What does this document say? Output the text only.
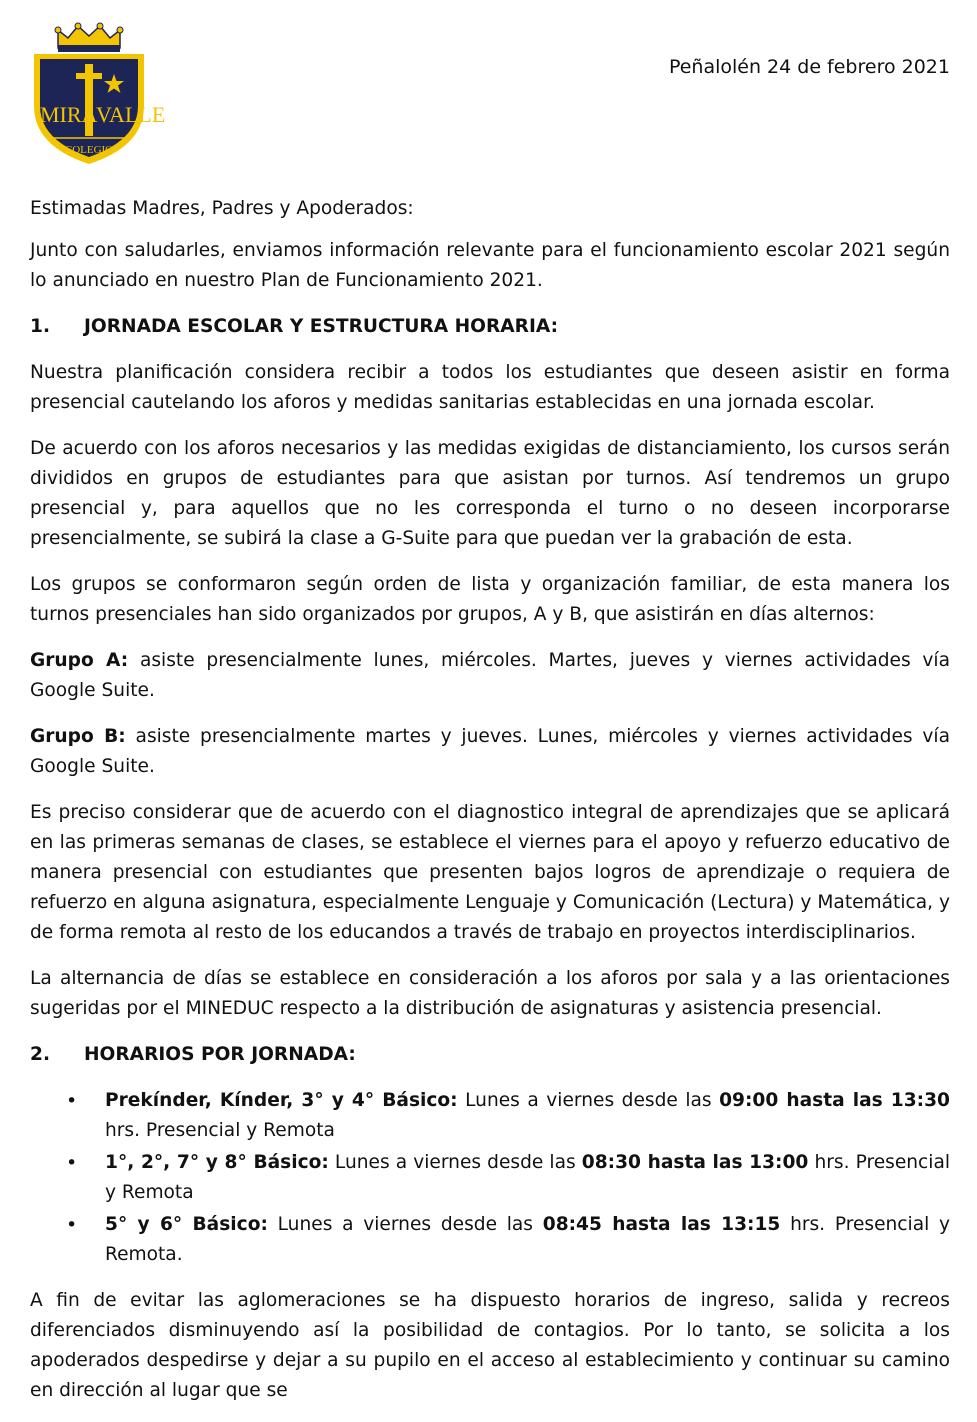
MIRA
VALLE
COLEGIO
Peñalolén 24 de febrero 2021

Estimadas Madres, Padres y Apoderados:

Junto con saludarles, enviamos información relevante para el funcionamiento escolar 2021 según lo anunciado en nuestro Plan de Funcionamiento 2021.

1.	JORNADA ESCOLAR Y ESTRUCTURA HORARIA:

Nuestra planificación considera recibir a todos los estudiantes que deseen asistir en forma presencial cautelando los aforos y medidas sanitarias establecidas en una jornada escolar.

De acuerdo con los aforos necesarios y las medidas exigidas de distanciamiento, los cursos serán divididos en grupos de estudiantes para que asistan por turnos. Así tendremos un grupo presencial y, para aquellos que no les corresponda el turno o no deseen incorporarse presencialmente, se subirá la clase a G-Suite para que puedan ver la grabación de esta.

Los grupos se conformaron según orden de lista y organización familiar, de esta manera los turnos presenciales han sido organizados por grupos, A y B, que asistirán en días alternos:

Grupo A: asiste presencialmente lunes, miércoles. Martes, jueves y viernes actividades vía Google Suite.

Grupo B: asiste presencialmente martes y jueves. Lunes, miércoles y viernes actividades vía Google Suite.

Es preciso considerar que de acuerdo con el diagnostico integral de aprendizajes que se aplicará en las primeras semanas de clases, se establece el viernes para el apoyo y refuerzo educativo de manera presencial con estudiantes que presenten bajos logros de aprendizaje o requiera de refuerzo en alguna asignatura, especialmente Lenguaje y Comunicación (Lectura) y Matemática, y de forma remota al resto de los educandos a través de trabajo en proyectos interdisciplinarios.

La alternancia de días se establece en consideración a los aforos por sala y a las orientaciones sugeridas por el MINEDUC respecto a la distribución de asignaturas y asistencia presencial.

2.	HORARIOS POR JORNADA:
• Prekínder, Kínder, 3° y 4° Básico: Lunes a viernes desde las 09:00 hasta las 13:30 hrs. Presencial y Remota
• 1°, 2°, 7° y 8° Básico: Lunes a viernes desde las 08:30 hasta las 13:00 hrs. Presencial y Remota
• 5° y 6° Básico: Lunes a viernes desde las 08:45 hasta las 13:15 hrs. Presencial y Remota.

A fin de evitar las aglomeraciones se ha dispuesto horarios de ingreso, salida y recreos diferenciados disminuyendo así la posibilidad de contagios. Por lo tanto, se solicita a los apoderados despedirse y dejar a su pupilo en el acceso al establecimiento y continuar su camino en dirección al lugar que se
